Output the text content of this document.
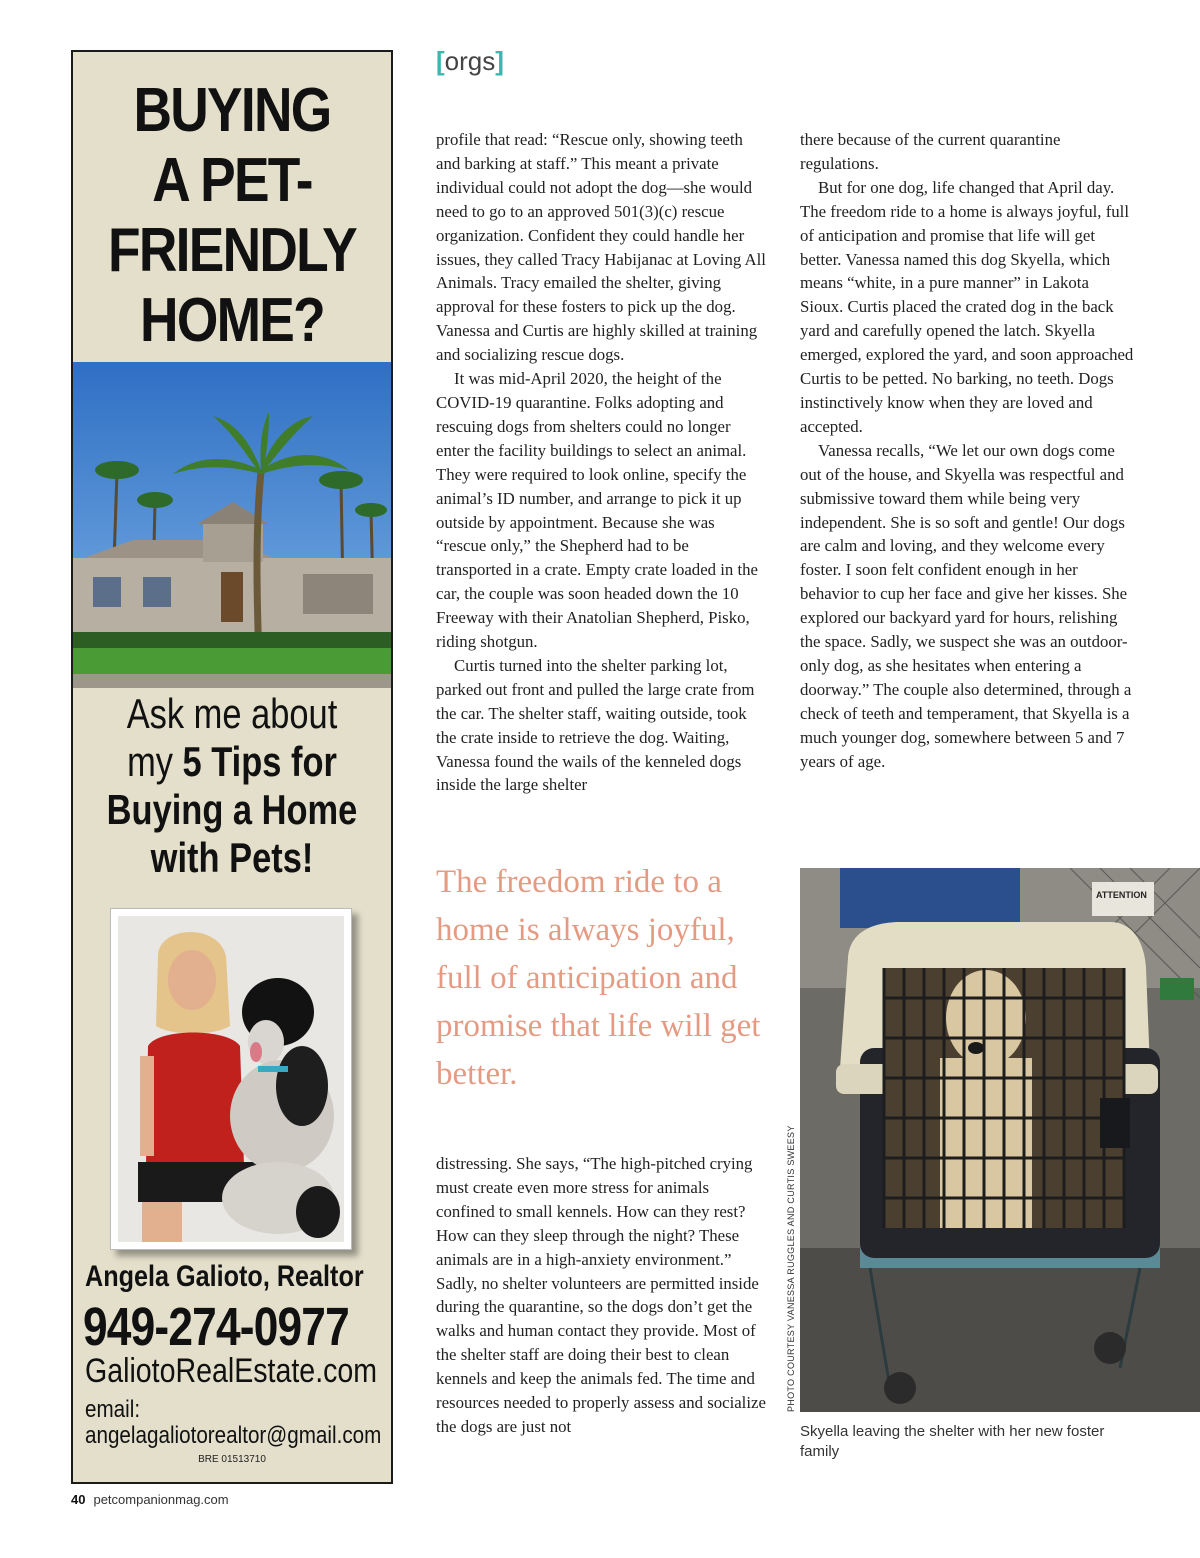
BUYING
A PET-
FRIENDLY
HOME?
Ask me about
my 5 Tips for
Buying a Home
with Pets!
Angela Galioto, Realtor
949-274-0977
GaliotoRealEstate.com
email:
angelagaliotorealtor@gmail.com
BRE 01513710
[orgs]

profile that read: “Rescue only, showing teeth and barking at staff.” This meant a private individual could not adopt the dog—she would need to go to an approved 501(3)(c) rescue organization. Confident they could handle her issues, they called Tracy Habijanac at Loving All Animals. Tracy emailed the shelter, giving approval for these fosters to pick up the dog. Vanessa and Curtis are highly skilled at training and socializing rescue dogs.

It was mid-April 2020, the height of the COVID-19 quarantine. Folks adopting and rescuing dogs from shelters could no longer enter the facility buildings to select an animal. They were required to look online, specify the animal’s ID number, and arrange to pick it up outside by appointment. Because she was “rescue only,” the Shepherd had to be transported in a crate. Empty crate loaded in the car, the couple was soon headed down the 10 Freeway with their Anatolian Shepherd, Pisko, riding shotgun.

Curtis turned into the shelter parking lot, parked out front and pulled the large crate from the car. The shelter staff, waiting outside, took the crate inside to retrieve the dog. Waiting, Vanessa found the wails of the kenneled dogs inside the large shelter

The freedom ride to a home is always joyful, full of anticipation and promise that life will get better.

distressing. She says, “The high-pitched crying must create even more stress for animals confined to small kennels. How can they rest? How can they sleep through the night? These animals are in a high-anxiety environment.” Sadly, no shelter volunteers are permitted inside during the quarantine, so the dogs don’t get the walks and human contact they provide. Most of the shelter staff are doing their best to clean kennels and keep the animals fed. The time and resources needed to properly assess and socialize the dogs are just not

there because of the current quarantine regulations.

But for one dog, life changed that April day. The freedom ride to a home is always joyful, full of anticipation and promise that life will get better. Vanessa named this dog Skyella, which means “white, in a pure manner” in Lakota Sioux. Curtis placed the crated dog in the back yard and carefully opened the latch. Skyella emerged, explored the yard, and soon approached Curtis to be petted. No barking, no teeth. Dogs instinctively know when they are loved and accepted.

Vanessa recalls, “We let our own dogs come out of the house, and Skyella was respectful and submissive toward them while being very independent. She is so soft and gentle! Our dogs are calm and loving, and they welcome every foster. I soon felt confident enough in her behavior to cup her face and give her kisses. She explored our backyard yard for hours, relishing the space. Sadly, we suspect she was an outdoor-only dog, as she hesitates when entering a doorway.” The couple also determined, through a check of teeth and temperament, that Skyella is a much younger dog, somewhere between 5 and 7 years of age.

ATTENTION
PHOTO COURTESY VANESSA RUGGLES AND CURTIS SWEESY
Skyella leaving the shelter with her new foster family
40 petcompanionmag.com
